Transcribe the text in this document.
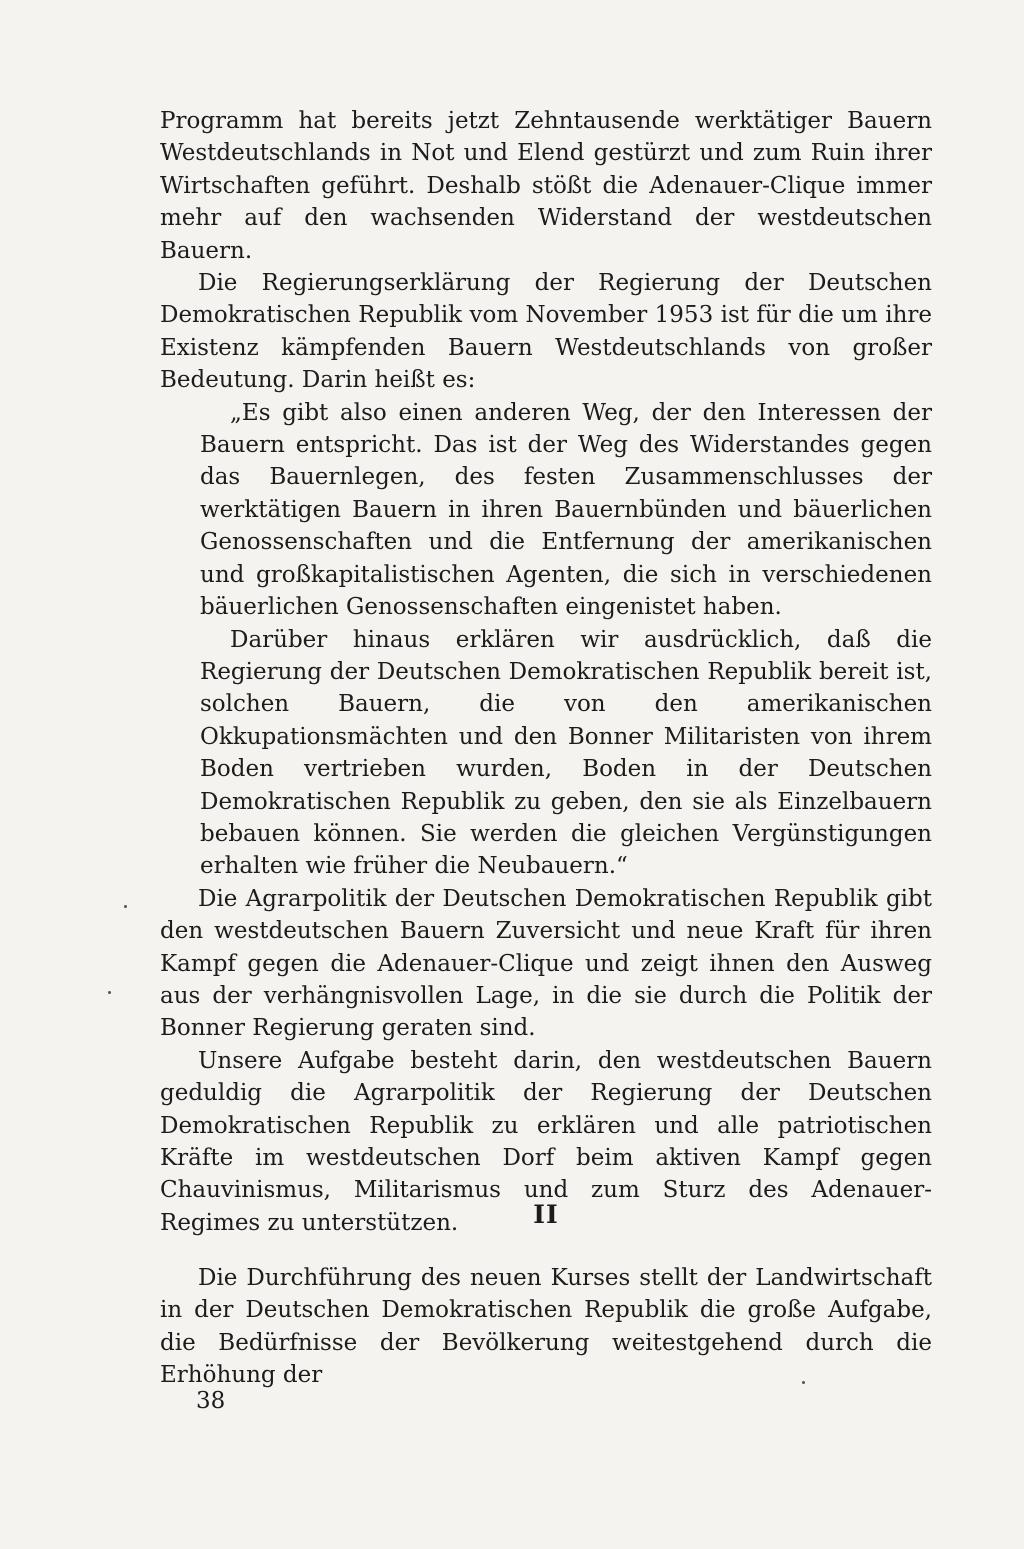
Programm hat bereits jetzt Zehntausende werktätiger Bauern Westdeutschlands in Not und Elend gestürzt und zum Ruin ihrer Wirtschaften geführt. Deshalb stößt die Adenauer-Clique immer mehr auf den wachsenden Widerstand der westdeutschen Bauern.

Die Regierungserklärung der Regierung der Deutschen Demokratischen Republik vom November 1953 ist für die um ihre Existenz kämpfenden Bauern Westdeutschlands von großer Bedeutung. Darin heißt es:

„Es gibt also einen anderen Weg, der den Interessen der Bauern entspricht. Das ist der Weg des Widerstandes gegen das Bauernlegen, des festen Zusammenschlusses der werktätigen Bauern in ihren Bauernbünden und bäuerlichen Genossenschaften und die Entfernung der amerikanischen und großkapitalistischen Agenten, die sich in verschiedenen bäuerlichen Genossenschaften eingenistet haben.

Darüber hinaus erklären wir ausdrücklich, daß die Regierung der Deutschen Demokratischen Republik bereit ist, solchen Bauern, die von den amerikanischen Okkupationsmächten und den Bonner Militaristen von ihrem Boden vertrieben wurden, Boden in der Deutschen Demokratischen Republik zu geben, den sie als Einzelbauern bebauen können. Sie werden die gleichen Vergünstigungen erhalten wie früher die Neubauern.“

Die Agrarpolitik der Deutschen Demokratischen Republik gibt den westdeutschen Bauern Zuversicht und neue Kraft für ihren Kampf gegen die Adenauer-Clique und zeigt ihnen den Ausweg aus der verhängnisvollen Lage, in die sie durch die Politik der Bonner Regierung geraten sind.

Unsere Aufgabe besteht darin, den westdeutschen Bauern geduldig die Agrarpolitik der Regierung der Deutschen Demokratischen Republik zu erklären und alle patriotischen Kräfte im westdeutschen Dorf beim aktiven Kampf gegen Chauvinismus, Militarismus und zum Sturz des Adenauer-Regimes zu unterstützen.	II

Die Durchführung des neuen Kurses stellt der Landwirtschaft in der Deutschen Demokratischen Republik die große Aufgabe, die Bedürfnisse der Bevölkerung weitestgehend durch die Erhöhung der

38
